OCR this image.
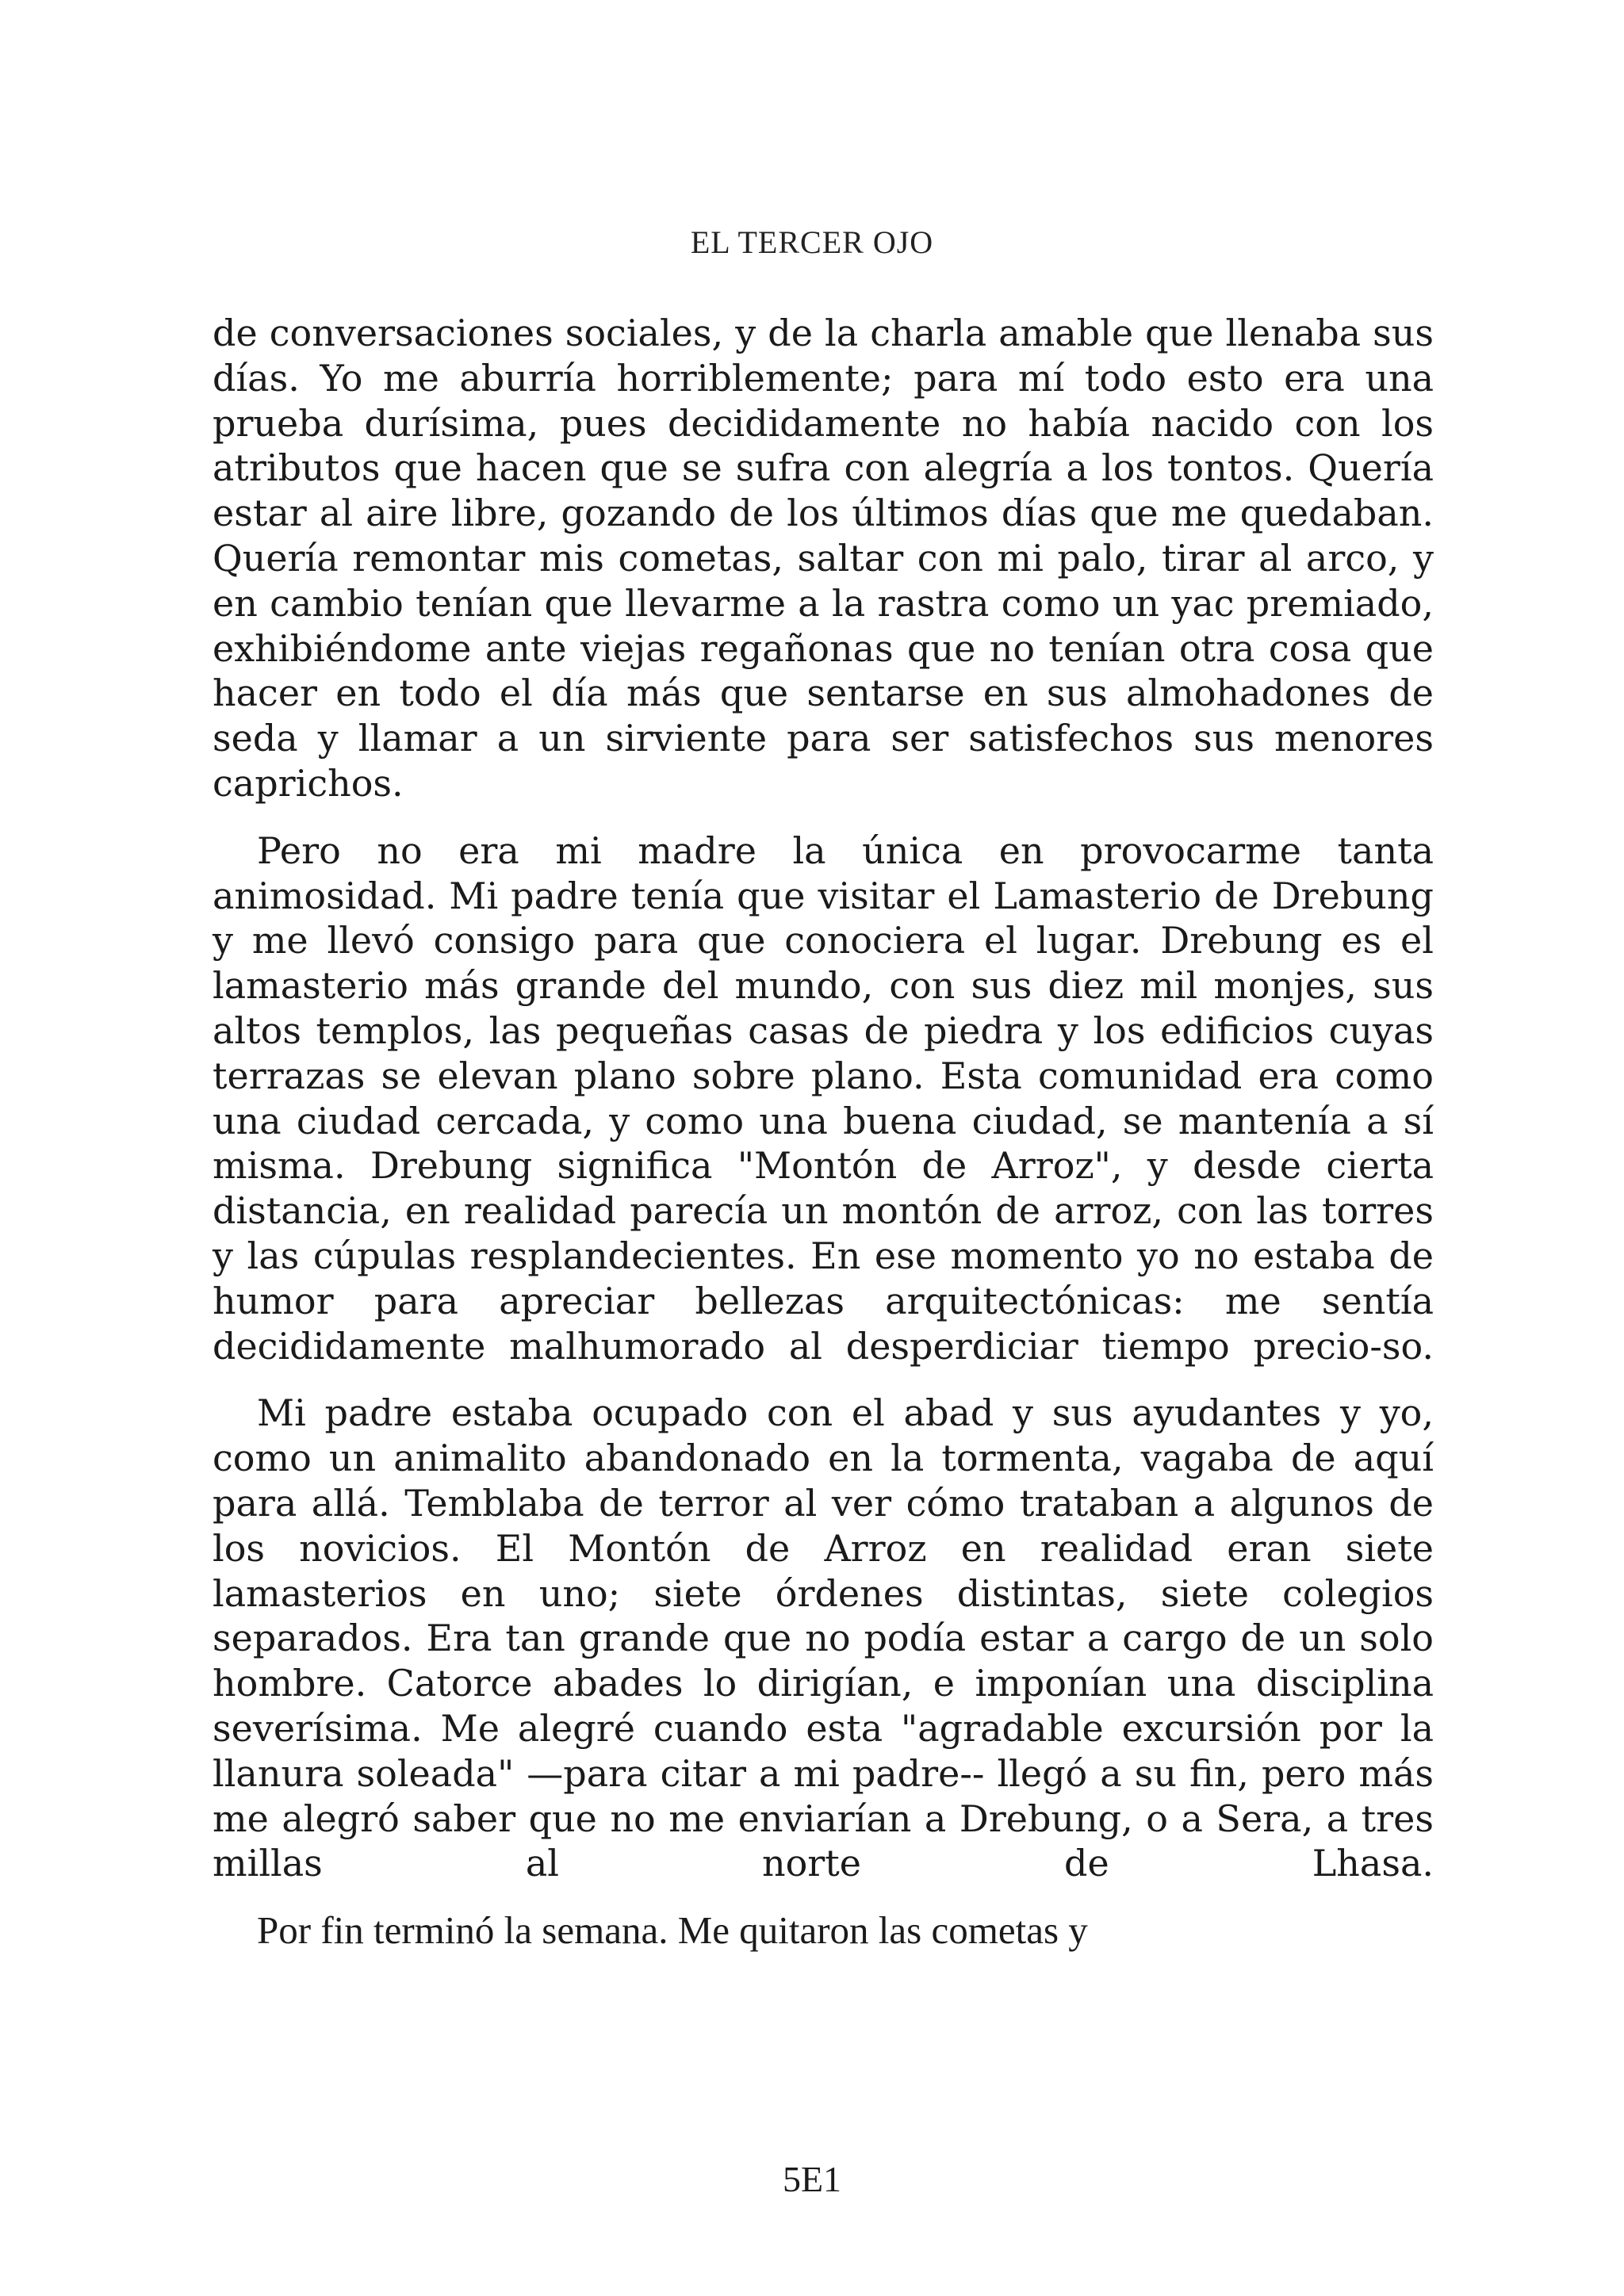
EL TERCER OJO

de conversaciones sociales, y de la charla amable que llenaba sus días. Yo me aburría horriblemente; para mí todo esto era una prueba durísima, pues decididamente no había nacido con los atributos que hacen que se sufra con alegría a los tontos. Quería estar al aire libre, gozando de los últimos días que me quedaban. Quería remontar mis cometas, saltar con mi palo, tirar al arco, y en cambio tenían que llevarme a la rastra como un yac premiado, exhibiéndome ante viejas regañonas que no tenían otra cosa que hacer en todo el día más que sentarse en sus almohadones de seda y llamar a un sirviente para ser satisfechos sus menores caprichos.

Pero no era mi madre la única en provocarme tanta animosidad. Mi padre tenía que visitar el Lamasterio de Drebung y me llevó consigo para que conociera el lugar. Drebung es el lamasterio más grande del mundo, con sus diez mil monjes, sus altos templos, las pequeñas casas de piedra y los edificios cuyas terrazas se elevan plano sobre plano. Esta comunidad era como una ciudad cercada, y como una buena ciudad, se mantenía a sí misma. Drebung significa "Montón de Arroz", y desde cierta distancia, en realidad parecía un montón de arroz, con las torres y las cúpulas resplandecientes. En ese momento yo no estaba de humor para apreciar bellezas arquitectónicas: me sentía decididamente malhumorado al desperdiciar tiempo precio-so.

Mi padre estaba ocupado con el abad y sus ayudantes y yo, como un animalito abandonado en la tormenta, vagaba de aquí para allá. Temblaba de terror al ver cómo trataban a algunos de los novicios. El Montón de Arroz en realidad eran siete lamasterios en uno; siete órdenes distintas, siete colegios separados. Era tan grande que no podía estar a cargo de un solo hombre. Catorce abades lo dirigían, e imponían una disciplina severísima. Me alegré cuando esta "agradable excursión por la llanura soleada" —para citar a mi padre-- llegó a su fin, pero más me alegró saber que no me enviarían a Drebung, o a Sera, a tres millas al norte de Lhasa.

Por fin terminó la semana. Me quitaron las cometas y

5E1
